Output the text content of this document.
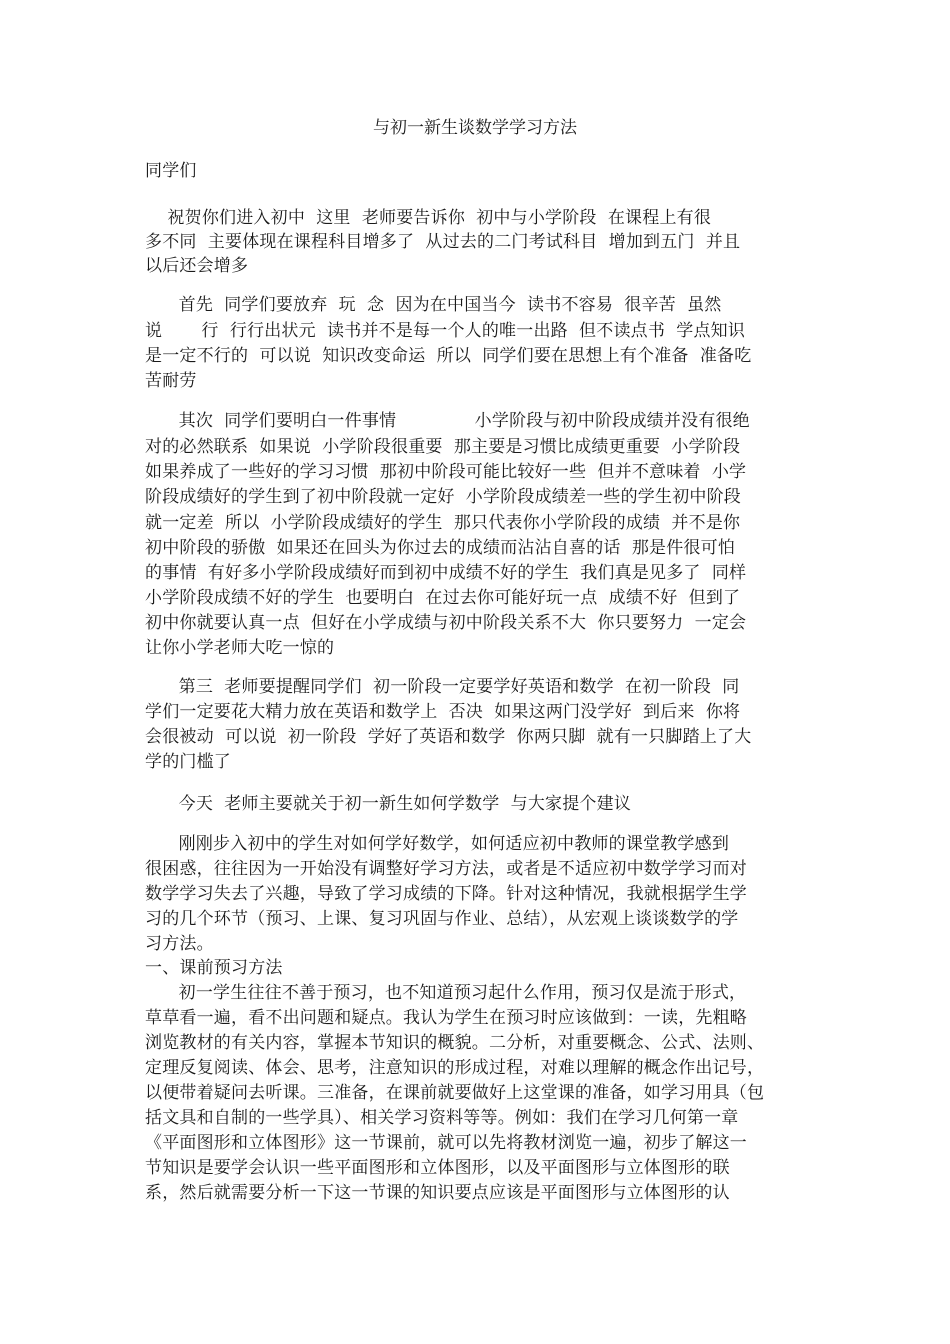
与初一新生谈数学学习方法
同学们
祝贺你们进入初中  这里  老师要告诉你  初中与小学阶段  在课程上有很
多不同  主要体现在课程科目增多了  从过去的二门考试科目  增加到五门  并且
以后还会增多
首先  同学们要放弃  玩  念  因为在中国当今  读书不容易  很辛苦  虽然
说       行  行行出状元  读书并不是每一个人的唯一出路  但不读点书  学点知识
是一定不行的  可以说  知识改变命运  所以  同学们要在思想上有个准备  准备吃
苦耐劳
其次  同学们要明白一件事情              小学阶段与初中阶段成绩并没有很绝
对的必然联系  如果说  小学阶段很重要  那主要是习惯比成绩更重要  小学阶段
如果养成了一些好的学习习惯  那初中阶段可能比较好一些  但并不意味着  小学
阶段成绩好的学生到了初中阶段就一定好  小学阶段成绩差一些的学生初中阶段
就一定差  所以  小学阶段成绩好的学生  那只代表你小学阶段的成绩  并不是你
初中阶段的骄傲  如果还在回头为你过去的成绩而沾沾自喜的话  那是件很可怕
的事情  有好多小学阶段成绩好而到初中成绩不好的学生  我们真是见多了  同样
小学阶段成绩不好的学生  也要明白  在过去你可能好玩一点  成绩不好  但到了
初中你就要认真一点  但好在小学成绩与初中阶段关系不大  你只要努力  一定会
让你小学老师大吃一惊的
第三  老师要提醒同学们  初一阶段一定要学好英语和数学  在初一阶段  同
学们一定要花大精力放在英语和数学上  否决  如果这两门没学好  到后来  你将
会很被动  可以说  初一阶段  学好了英语和数学  你两只脚  就有一只脚踏上了大
学的门槛了
今天  老师主要就关于初一新生如何学数学  与大家提个建议
刚刚步入初中的学生对如何学好数学，如何适应初中教师的课堂教学感到
很困惑，往往因为一开始没有调整好学习方法，或者是不适应初中数学学习而对
数学学习失去了兴趣，导致了学习成绩的下降。针对这种情况，我就根据学生学
习的几个环节（预习、上课、复习巩固与作业、总结），从宏观上谈谈数学的学
习方法。
一、课前预习方法
初一学生往往不善于预习，也不知道预习起什么作用，预习仅是流于形式，
草草看一遍，看不出问题和疑点。我认为学生在预习时应该做到：一读，先粗略
浏览教材的有关内容，掌握本节知识的概貌。二分析，对重要概念、公式、法则、
定理反复阅读、体会、思考，注意知识的形成过程，对难以理解的概念作出记号，
以便带着疑问去听课。三准备，在课前就要做好上这堂课的准备，如学习用具（包
括文具和自制的一些学具）、相关学习资料等等。例如：我们在学习几何第一章
《平面图形和立体图形》这一节课前，就可以先将教材浏览一遍，初步了解这一
节知识是要学会认识一些平面图形和立体图形，以及平面图形与立体图形的联
系，然后就需要分析一下这一节课的知识要点应该是平面图形与立体图形的认
